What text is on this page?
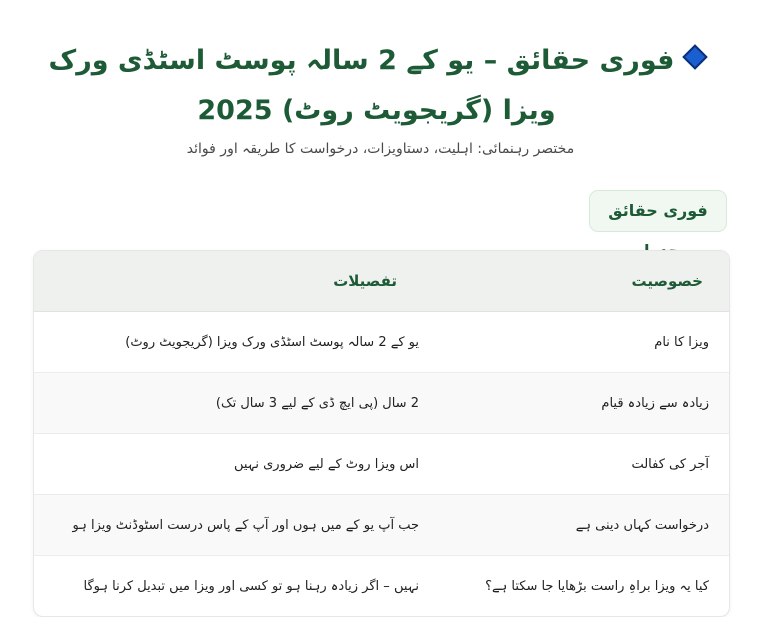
فوری حقائق – یو کے 2 سالہ پوسٹ اسٹڈی ورک ویزا (گریجویٹ روٹ) 2025
مختصر رہنمائی: اہلیت، دستاویزات، درخواست کا طریقہ اور فوائد
فوری حقائق
خصوصیت	تفصیلات
ویزا کا نام	یو کے 2 سالہ پوسٹ اسٹڈی ورک ویزا (گریجویٹ روٹ)
زیادہ سے زیادہ قیام	2 سال (پی ایچ ڈی کے لیے 3 سال تک)
آجر کی کفالت	اس ویزا روٹ کے لیے ضروری نہیں
درخواست کہاں دینی ہے	جب آپ یو کے میں ہوں اور آپ کے پاس درست اسٹوڈنٹ ویزا ہو
کیا یہ ویزا براہِ راست بڑھایا جا سکتا ہے؟	نہیں – اگر زیادہ رہنا ہو تو کسی اور ویزا میں تبدیل کرنا ہوگا
